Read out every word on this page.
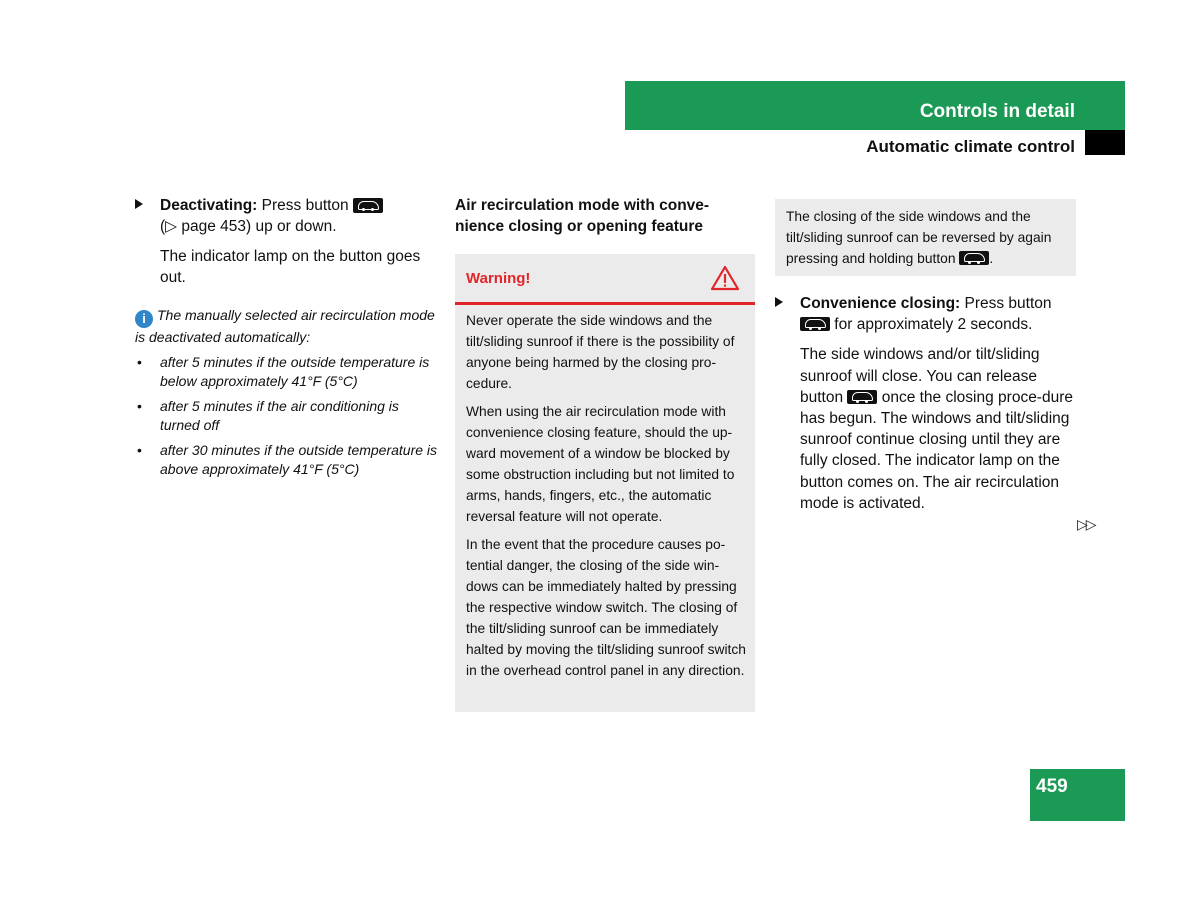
Controls in detail
Automatic climate control

Deactivating: Press button
(▷ page 453) up or down.

The indicator lamp on the button goes out.

i The manually selected air recirculation mode is deactivated automatically:
• after 5 minutes if the outside temperature is below approximately 41°F (5°C)
• after 5 minutes if the air conditioning is turned off
• after 30 minutes if the outside temperature is above approximately 41°F (5°C)
Air recirculation mode with conve-nience closing or opening feature
Warning!

Never operate the side windows and the tilt/sliding sunroof if there is the possibility of anyone being harmed by the closing pro-cedure.

When using the air recirculation mode with convenience closing feature, should the up-ward movement of a window be blocked by some obstruction including but not limited to arms, hands, fingers, etc., the automatic reversal feature will not operate.

In the event that the procedure causes po-tential danger, the closing of the side win-dows can be immediately halted by pressing the respective window switch. The closing of the tilt/sliding sunroof can be immediately halted by moving the tilt/sliding sunroof switch in the overhead control panel in any direction.

The closing of the side windows and the tilt/sliding sunroof can be reversed by again pressing and holding button .

Convenience closing: Press button  for approximately 2 seconds.

The side windows and/or tilt/sliding sunroof will close. You can release button  once the closing proce-dure has begun. The windows and tilt/sliding sunroof continue closing until they are fully closed. The indicator lamp on the button comes on. The air recirculation mode is activated.

▷▷
459
